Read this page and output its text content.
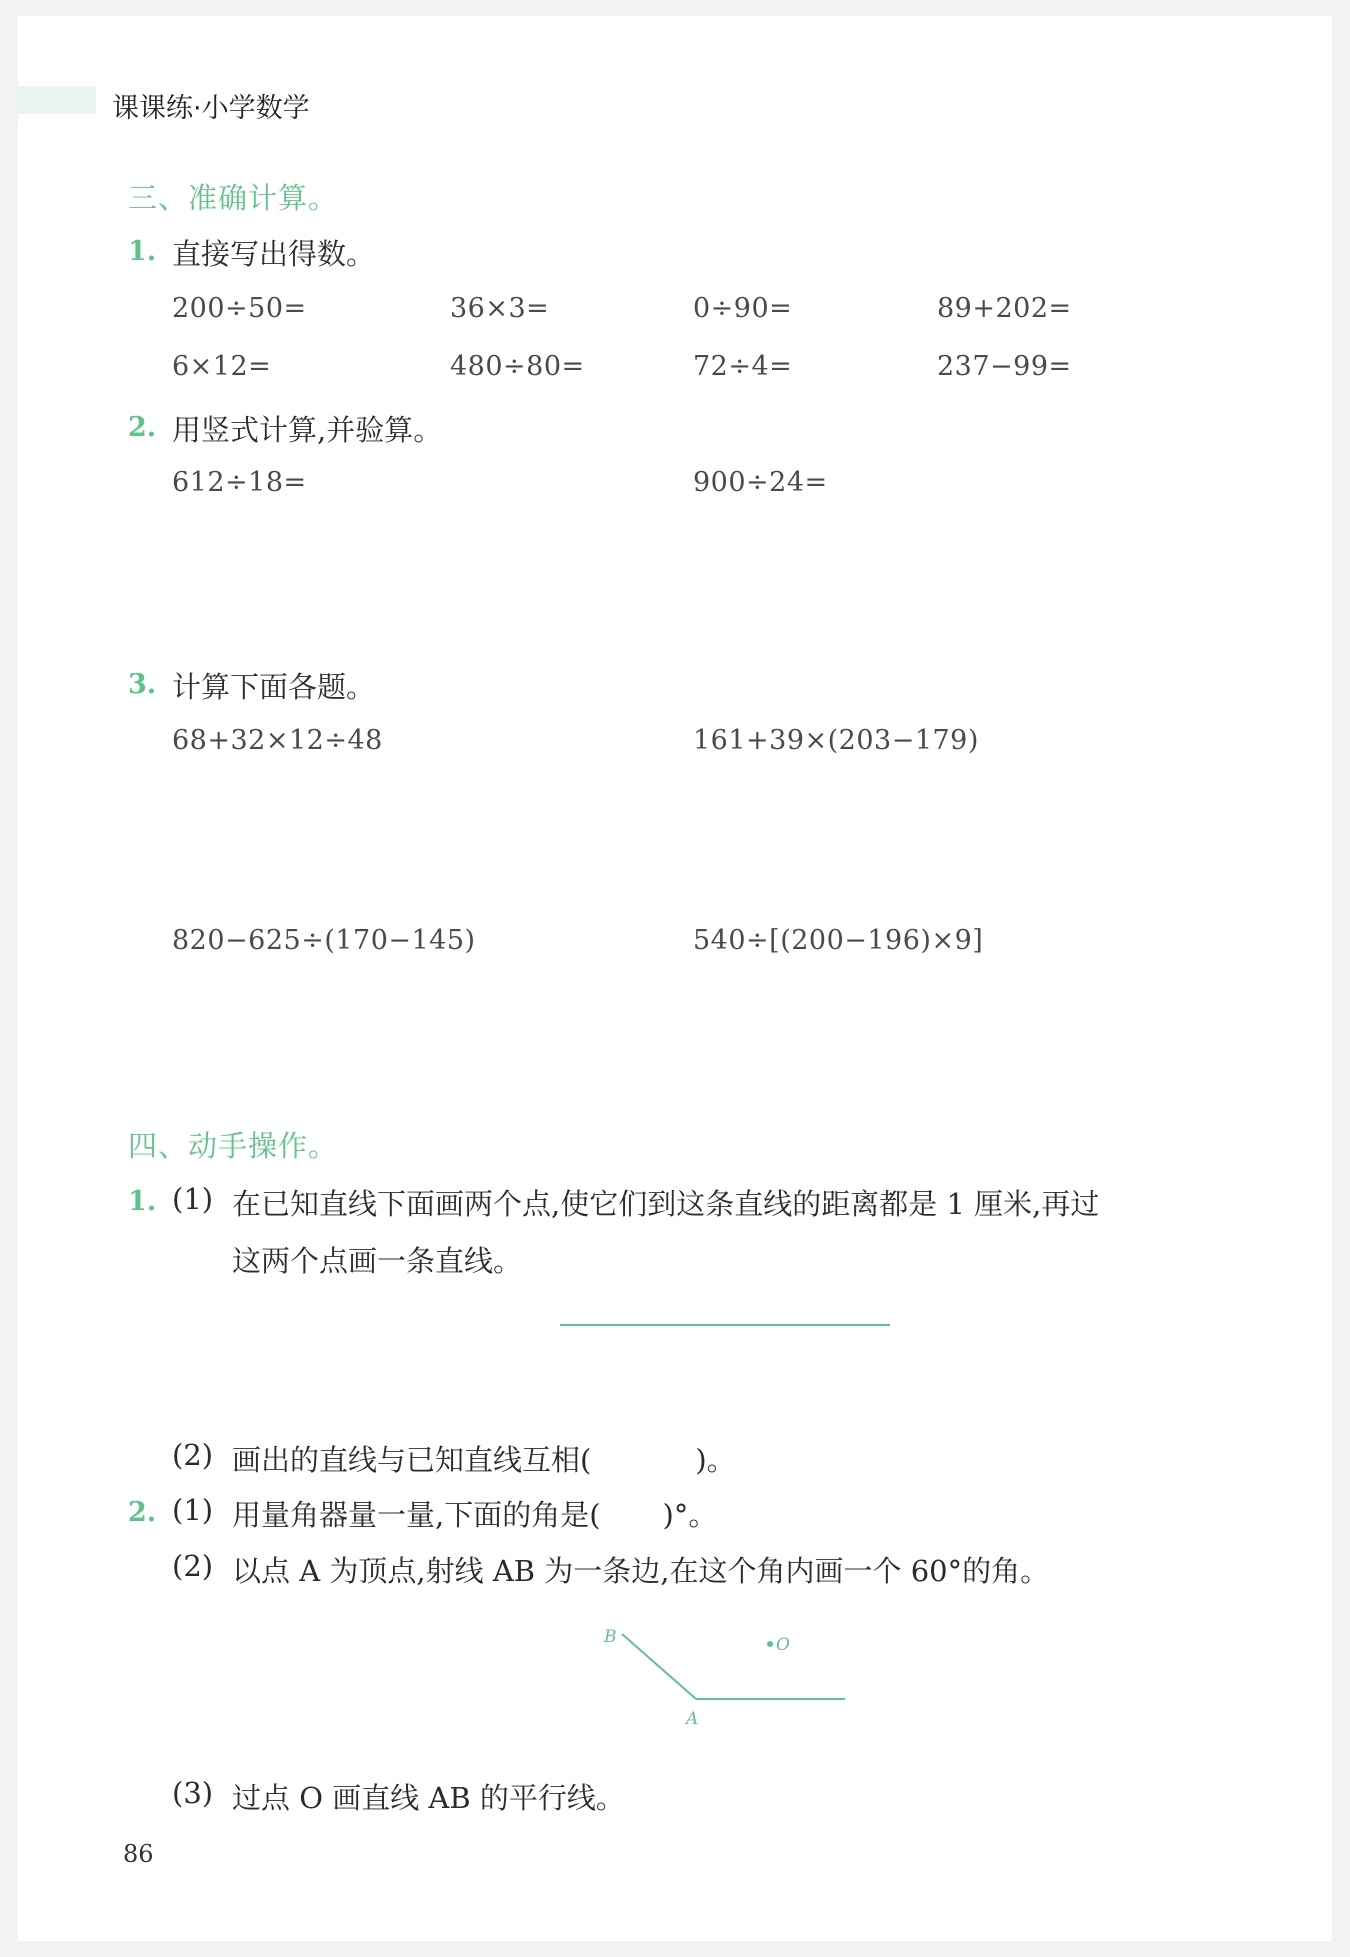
课课练·小学数学
三、准确计算。
1. 直接写出得数。
200÷50=	36×3=	0÷90=	89+202=
6×12=	480÷80=	72÷4=	237−99=
2. 用竖式计算,并验算。
612÷18=	900÷24=
3. 计算下面各题。
68+32×12÷48	161+39×(203−179)
820−625÷(170−145)	540÷[(200−196)×9]
四、动手操作。
1. (1) 在已知直线下面画两个点,使它们到这条直线的距离都是 1 厘米,再过
这两个点画一条直线。
(2) 画出的直线与已知直线互相(	)。
2. (1) 用量角器量一量,下面的角是( )°。
(2) 以点 A 为顶点,射线 AB 为一条边,在这个角内画一个 60°的角。
B
A
O
(3) 过点 O 画直线 AB 的平行线。
86
